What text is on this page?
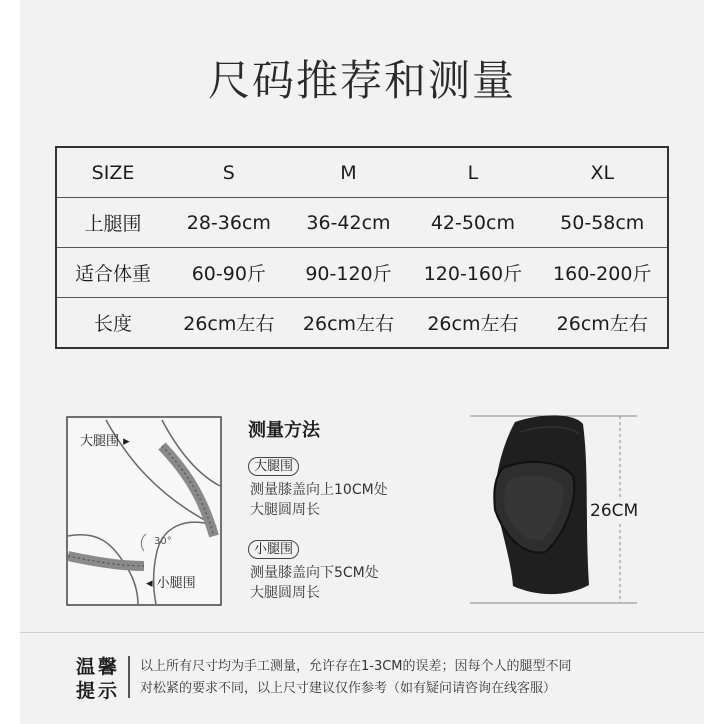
尺码推荐和测量
SIZE	S	M	L	XL
上腿围	28-36cm	36-42cm	42-50cm	50-58cm
适合体重	60-90斤	90-120斤	120-160斤	160-200斤
长度	26cm左右	26cm左右	26cm左右	26cm左右
大腿围 ▸
30°
◂ 小腿围
测量方法
大腿围
测量膝盖向上10CM处
大腿圆周长
小腿围
测量膝盖向下5CM处
大腿圆周长
26CM
温馨
提示
以上所有尺寸均为手工测量，允许存在1-3CM的误差；因每个人的腿型不同
对松紧的要求不同，以上尺寸建议仅作参考（如有疑问请咨询在线客服）
